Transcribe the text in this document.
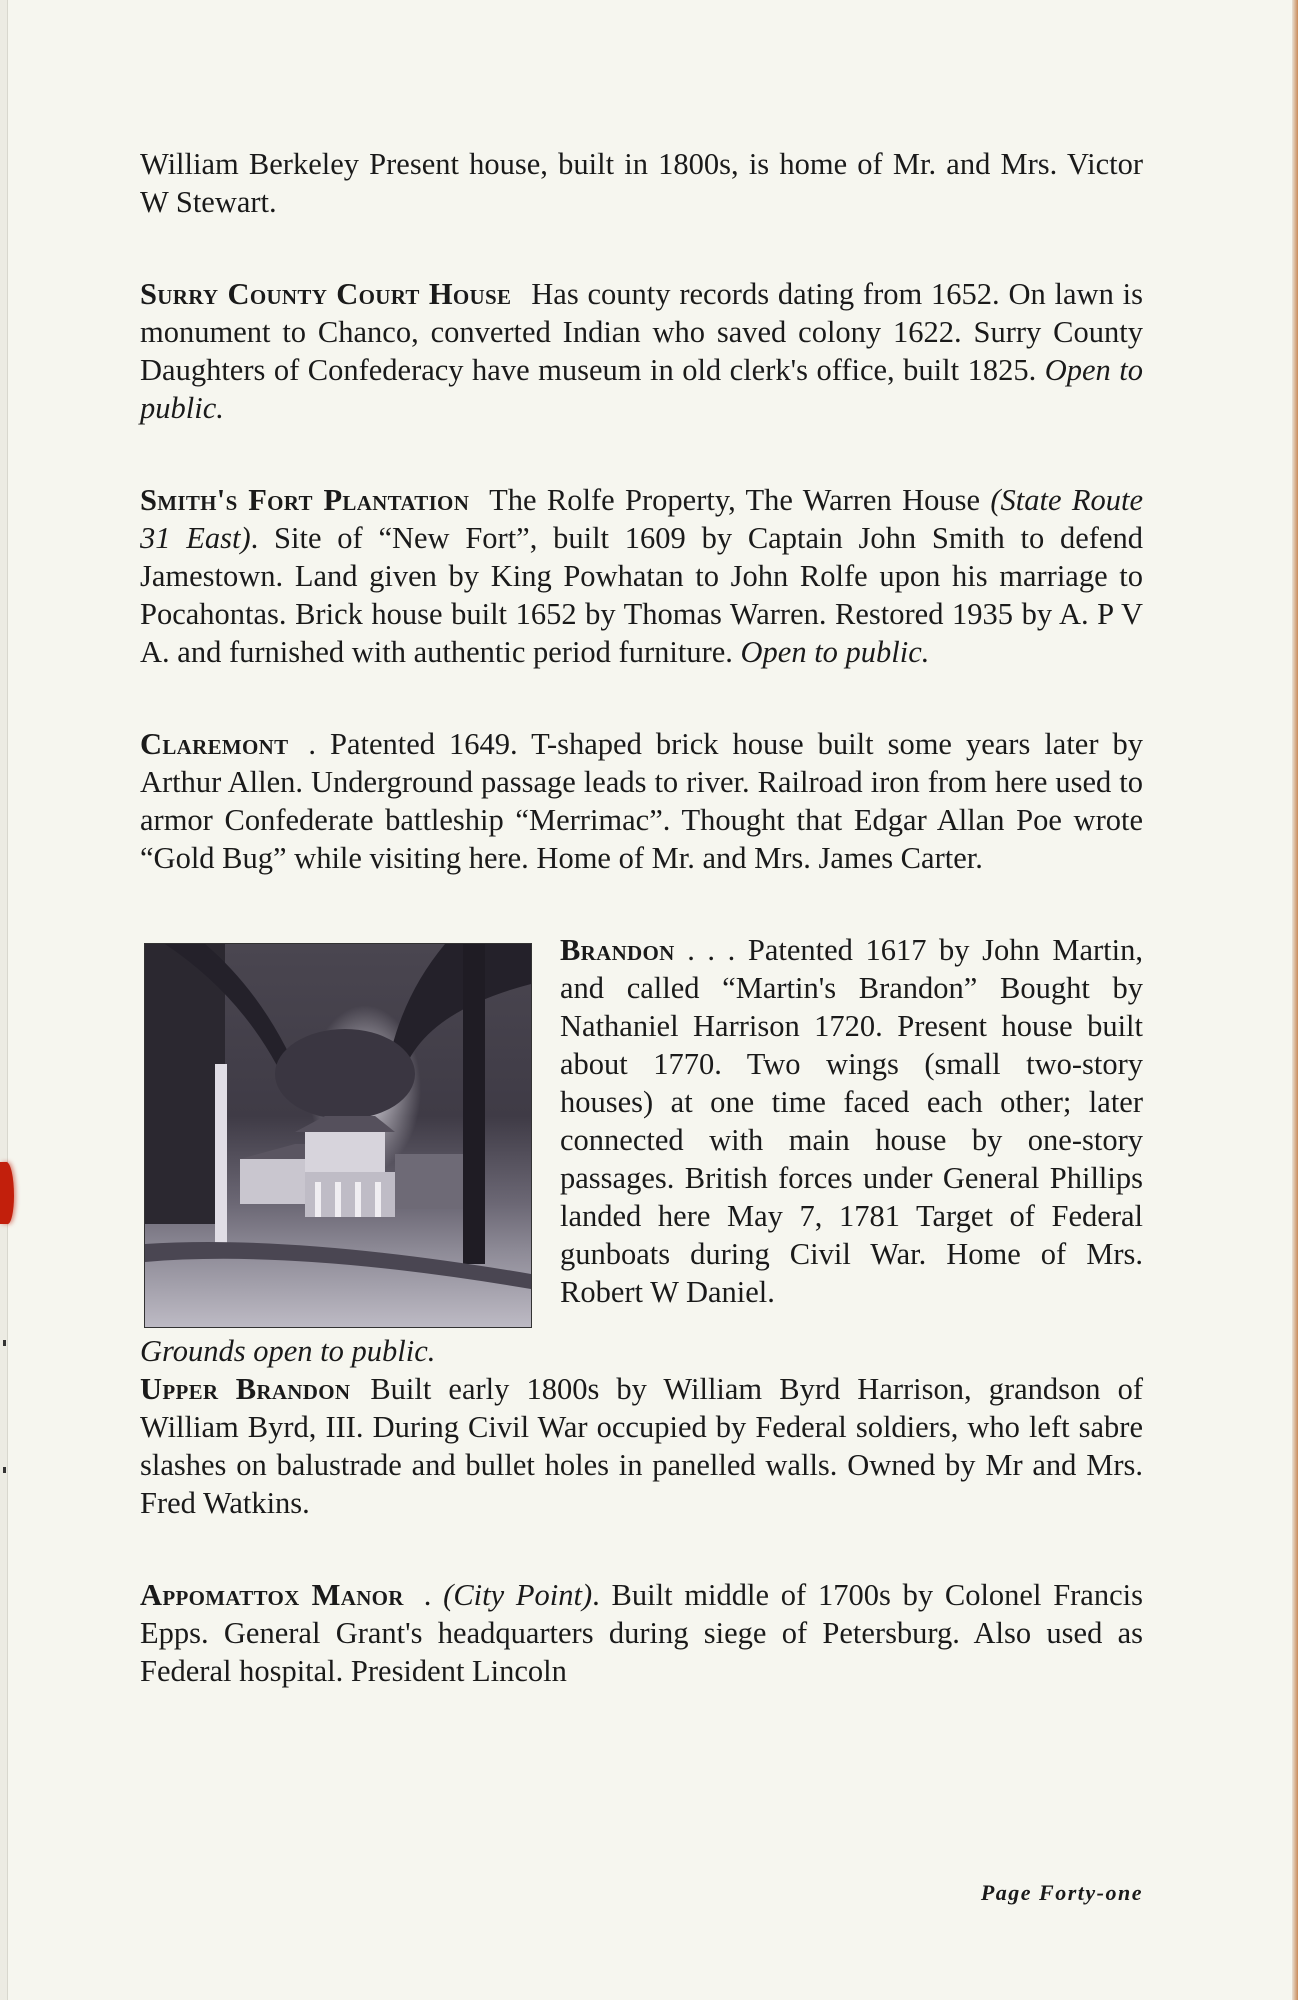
William Berkeley Present house, built in 1800s, is home of Mr. and Mrs. Victor W Stewart.

Surry County Court House Has county records dating from 1652. On lawn is monument to Chanco, converted Indian who saved colony 1622. Surry County Daughters of Confederacy have museum in old clerk's office, built 1825. Open to public.

Smith's Fort Plantation The Rolfe Property, The Warren House (State Route 31 East). Site of “New Fort”, built 1609 by Captain John Smith to defend Jamestown. Land given by King Powhatan to John Rolfe upon his marriage to Pocahontas. Brick house built 1652 by Thomas Warren. Restored 1935 by A. P V A. and furnished with authentic period furniture. Open to public.

Claremont . Patented 1649. T-shaped brick house built some years later by Arthur Allen. Underground passage leads to river. Railroad iron from here used to armor Confederate battleship “Merrimac”. Thought that Edgar Allan Poe wrote “Gold Bug” while visiting here. Home of Mr. and Mrs. James Carter.

Brandon . . . Patented 1617 by John Martin, and called “Martin's Brandon” Bought by Nathaniel Harrison 1720. Present house built about 1770. Two wings (small two-story houses) at one time faced each other; later connected with main house by one-story passages. British forces under General Phillips landed here May 7, 1781 Target of Federal gunboats during Civil War. Home of Mrs. Robert W Daniel.

Grounds open to public.

Upper Brandon Built early 1800s by William Byrd Harrison, grandson of William Byrd, III. During Civil War occupied by Federal soldiers, who left sabre slashes on balustrade and bullet holes in panelled walls. Owned by Mr and Mrs. Fred Watkins.

Appomattox Manor . (City Point). Built middle of 1700s by Colonel Francis Epps. General Grant's headquarters during siege of Petersburg. Also used as Federal hospital. President Lincoln

Page Forty-one
